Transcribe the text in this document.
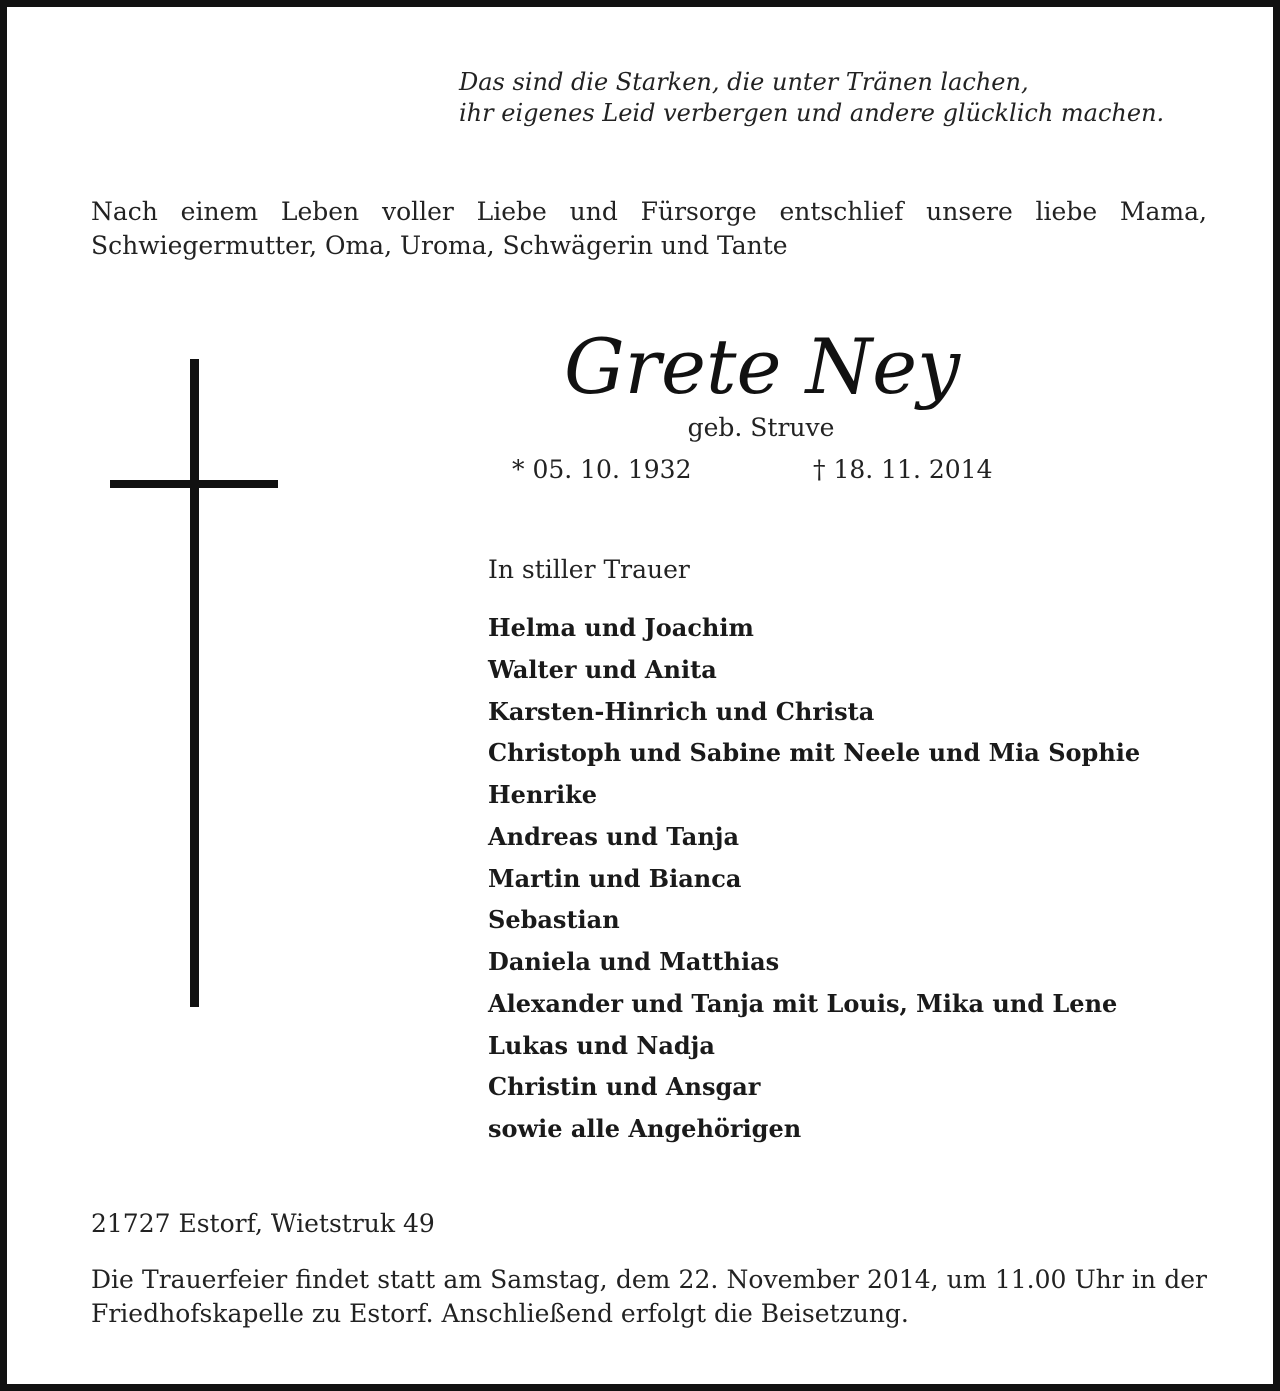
Das sind die Starken, die unter Tränen lachen,
ihr eigenes Leid verbergen und andere glücklich machen.
Nach einem Leben voller Liebe und Fürsorge entschlief unsere liebe Mama, Schwiegermutter, Oma, Uroma, Schwägerin und Tante
Grete Ney
geb. Struve
* 05. 10. 1932	† 18. 11. 2014
In stiller Trauer
Helma und Joachim
Walter und Anita
Karsten-Hinrich und Christa
Christoph und Sabine mit Neele und Mia Sophie
Henrike
Andreas und Tanja
Martin und Bianca
Sebastian
Daniela und Matthias
Alexander und Tanja mit Louis, Mika und Lene
Lukas und Nadja
Christin und Ansgar
sowie alle Angehörigen
21727 Estorf, Wietstruk 49
Die Trauerfeier findet statt am Samstag, dem 22. November 2014, um 11.00 Uhr in der Friedhofskapelle zu Estorf. Anschließend erfolgt die Beisetzung.
